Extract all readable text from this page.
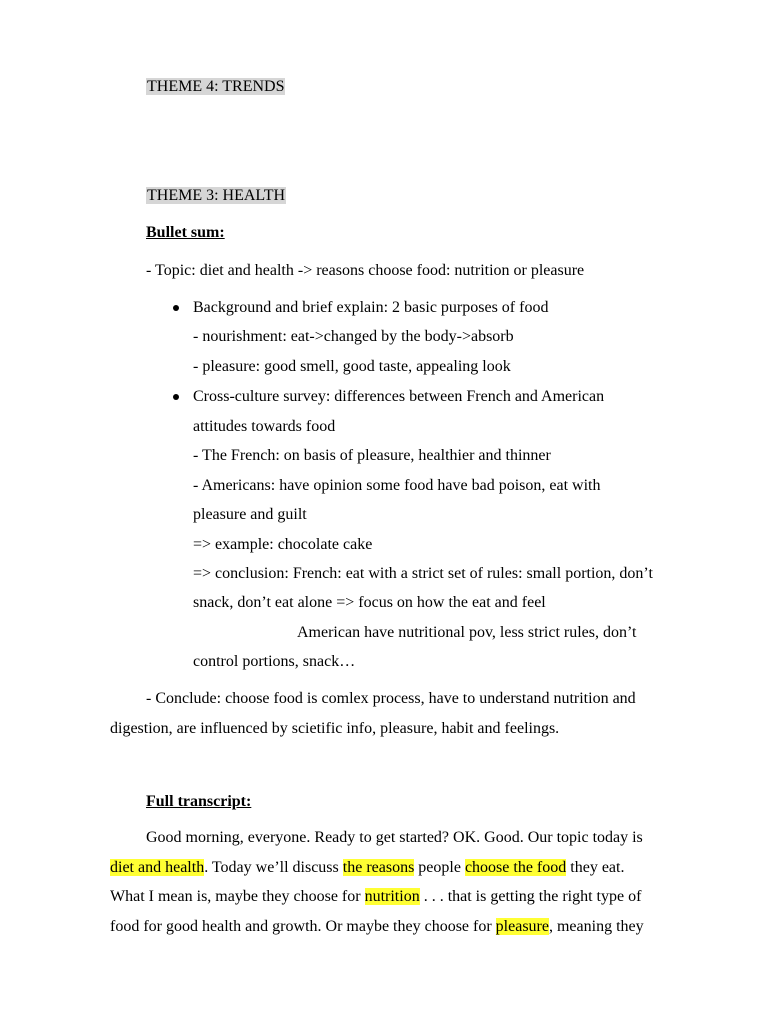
THEME 4: TRENDS
THEME 3: HEALTH
Bullet sum:
- Topic: diet and health -> reasons choose food: nutrition or pleasure
Background and brief explain: 2 basic purposes of food
- nourishment: eat->changed by the body->absorb
- pleasure: good smell, good taste, appealing look
Cross-culture survey: differences between French and American
attitudes towards food
- The French: on basis of pleasure, healthier and thinner
- Americans: have opinion some food have bad poison, eat with
pleasure and guilt
=> example: chocolate cake
=> conclusion: French: eat with a strict set of rules: small portion, don’t
snack, don’t eat alone => focus on how the eat and feel
American have nutritional pov, less strict rules, don’t
control portions, snack…
- Conclude: choose food is comlex process, have to understand nutrition and
digestion, are influenced by scietific info, pleasure, habit and feelings.
Full transcript:
Good morning, everyone. Ready to get started? OK. Good. Our topic today is
diet and health. Today we’ll discuss the reasons people choose the food they eat.
What I mean is, maybe they choose for nutrition . . . that is getting the right type of
food for good health and growth. Or maybe they choose for pleasure, meaning they
